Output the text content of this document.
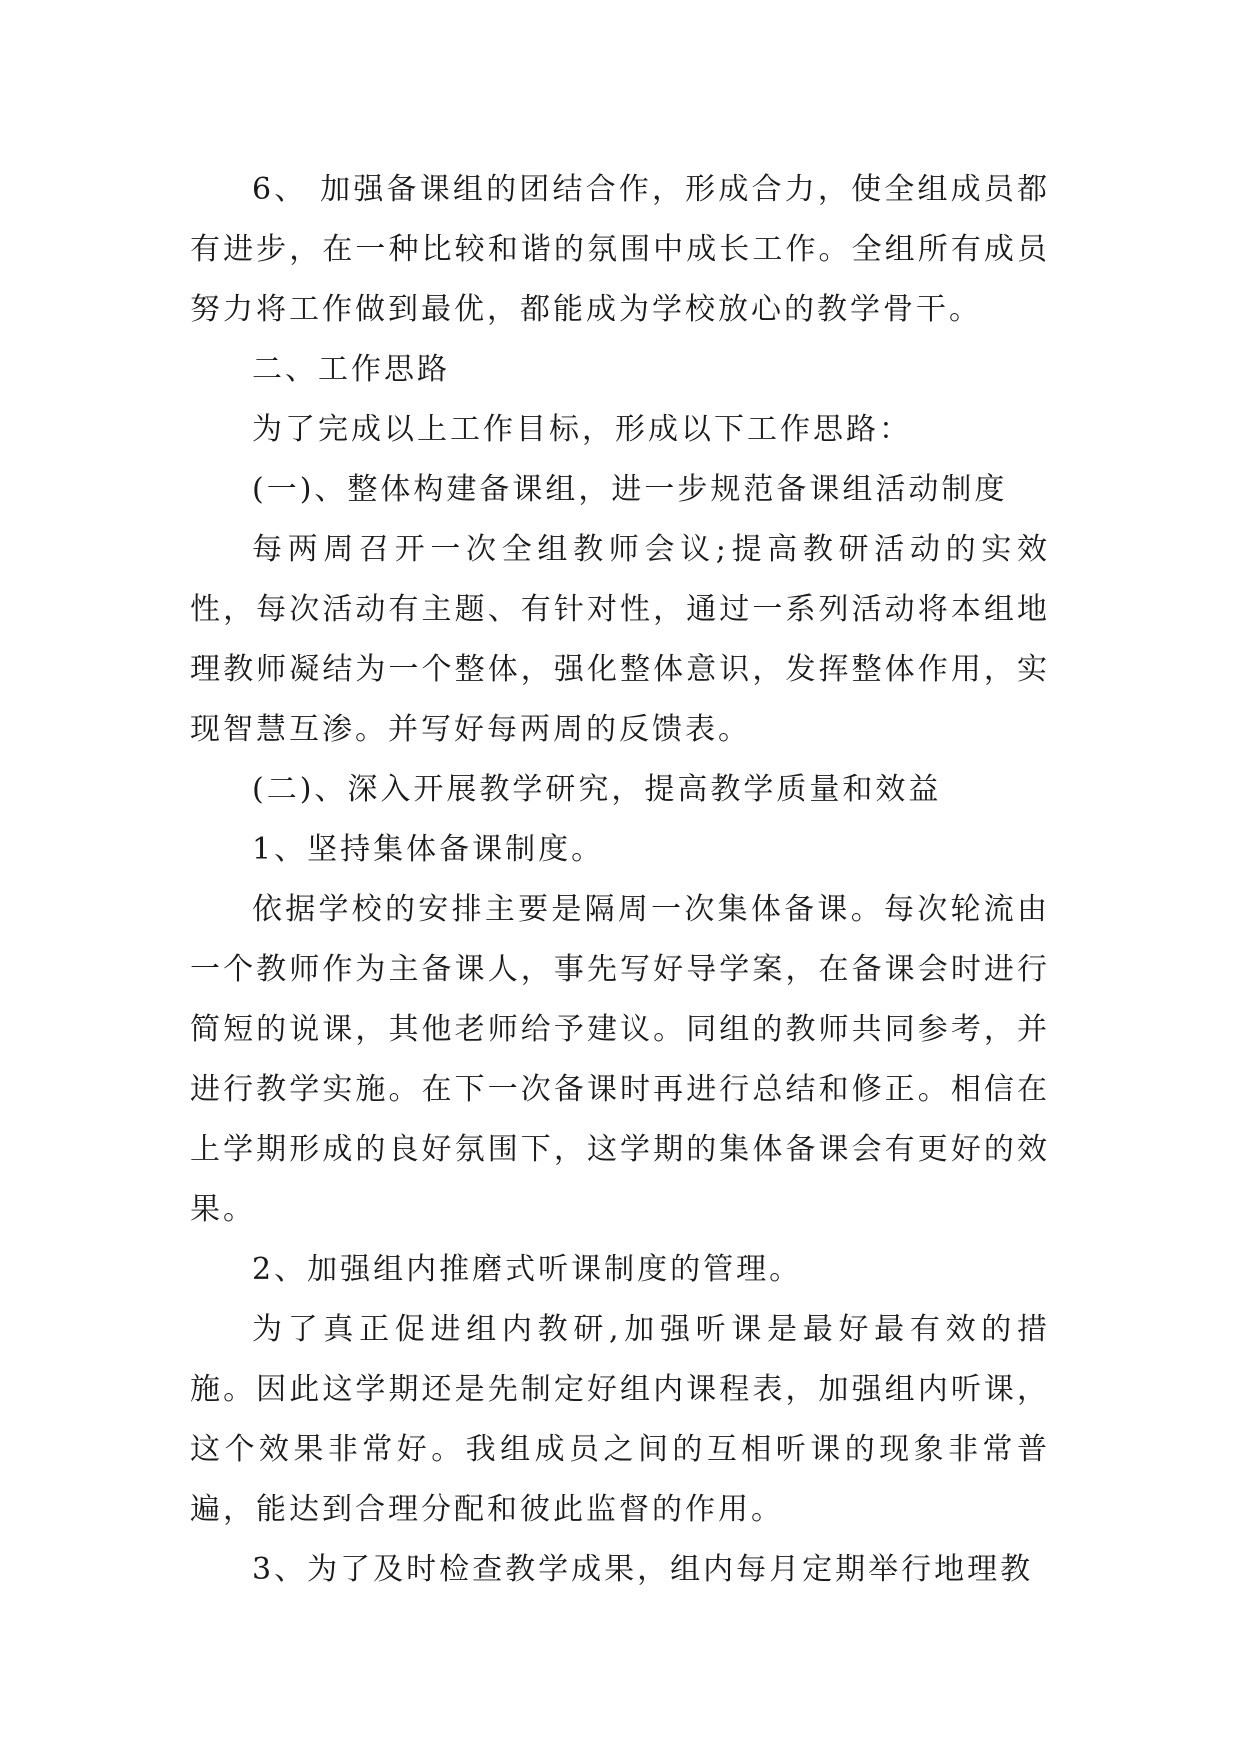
6、 加强备课组的团结合作，形成合力，使全组成员都有进步，在一种比较和谐的氛围中成长工作。全组所有成员努力将工作做到最优，都能成为学校放心的教学骨干。

二、工作思路

为了完成以上工作目标，形成以下工作思路：

(一)、整体构建备课组，进一步规范备课组活动制度

每两周召开一次全组教师会议;提高教研活动的实效性，每次活动有主题、有针对性，通过一系列活动将本组地理教师凝结为一个整体，强化整体意识，发挥整体作用，实现智慧互渗。并写好每两周的反馈表。

(二)、深入开展教学研究，提高教学质量和效益

1、坚持集体备课制度。

依据学校的安排主要是隔周一次集体备课。每次轮流由一个教师作为主备课人，事先写好导学案，在备课会时进行简短的说课，其他老师给予建议。同组的教师共同参考，并进行教学实施。在下一次备课时再进行总结和修正。相信在上学期形成的良好氛围下，这学期的集体备课会有更好的效果。

2、加强组内推磨式听课制度的管理。

为了真正促进组内教研,加强听课是最好最有效的措施。因此这学期还是先制定好组内课程表，加强组内听课，这个效果非常好。我组成员之间的互相听课的现象非常普遍，能达到合理分配和彼此监督的作用。

3、为了及时检查教学成果，组内每月定期举行地理教
